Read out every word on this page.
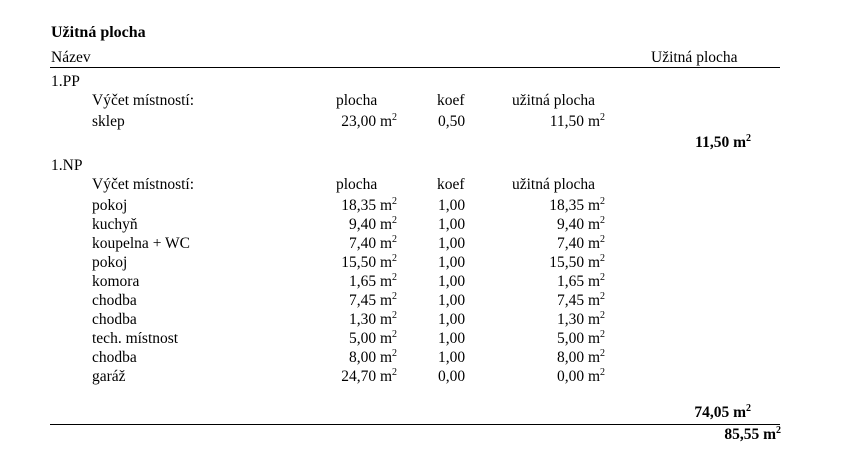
Užitná plocha
Název	Užitná plocha
1.PP
Výčet místností:	plocha	koef	užitná plocha
sklep	23,00 $m^2$	0,50	11,50 $m^2$
11,50 $m^2$
1.NP
Výčet místností:	plocha	koef	užitná plocha
pokoj	18,35 $m^2$	1,00	18,35 $m^2$
kuchyň	9,40 $m^2$	1,00	9,40 $m^2$
koupelna + WC	7,40 $m^2$	1,00	7,40 $m^2$
pokoj	15,50 $m^2$	1,00	15,50 $m^2$
komora	1,65 $m^2$	1,00	1,65 $m^2$
chodba	7,45 $m^2$	1,00	7,45 $m^2$
chodba	1,30 $m^2$	1,00	1,30 $m^2$
tech. místnost	5,00 $m^2$	1,00	5,00 $m^2$
chodba	8,00 $m^2$	1,00	8,00 $m^2$
garáž	24,70 $m^2$	0,00	0,00 $m^2$
74,05 $m^2$
85,55 $m^2$
